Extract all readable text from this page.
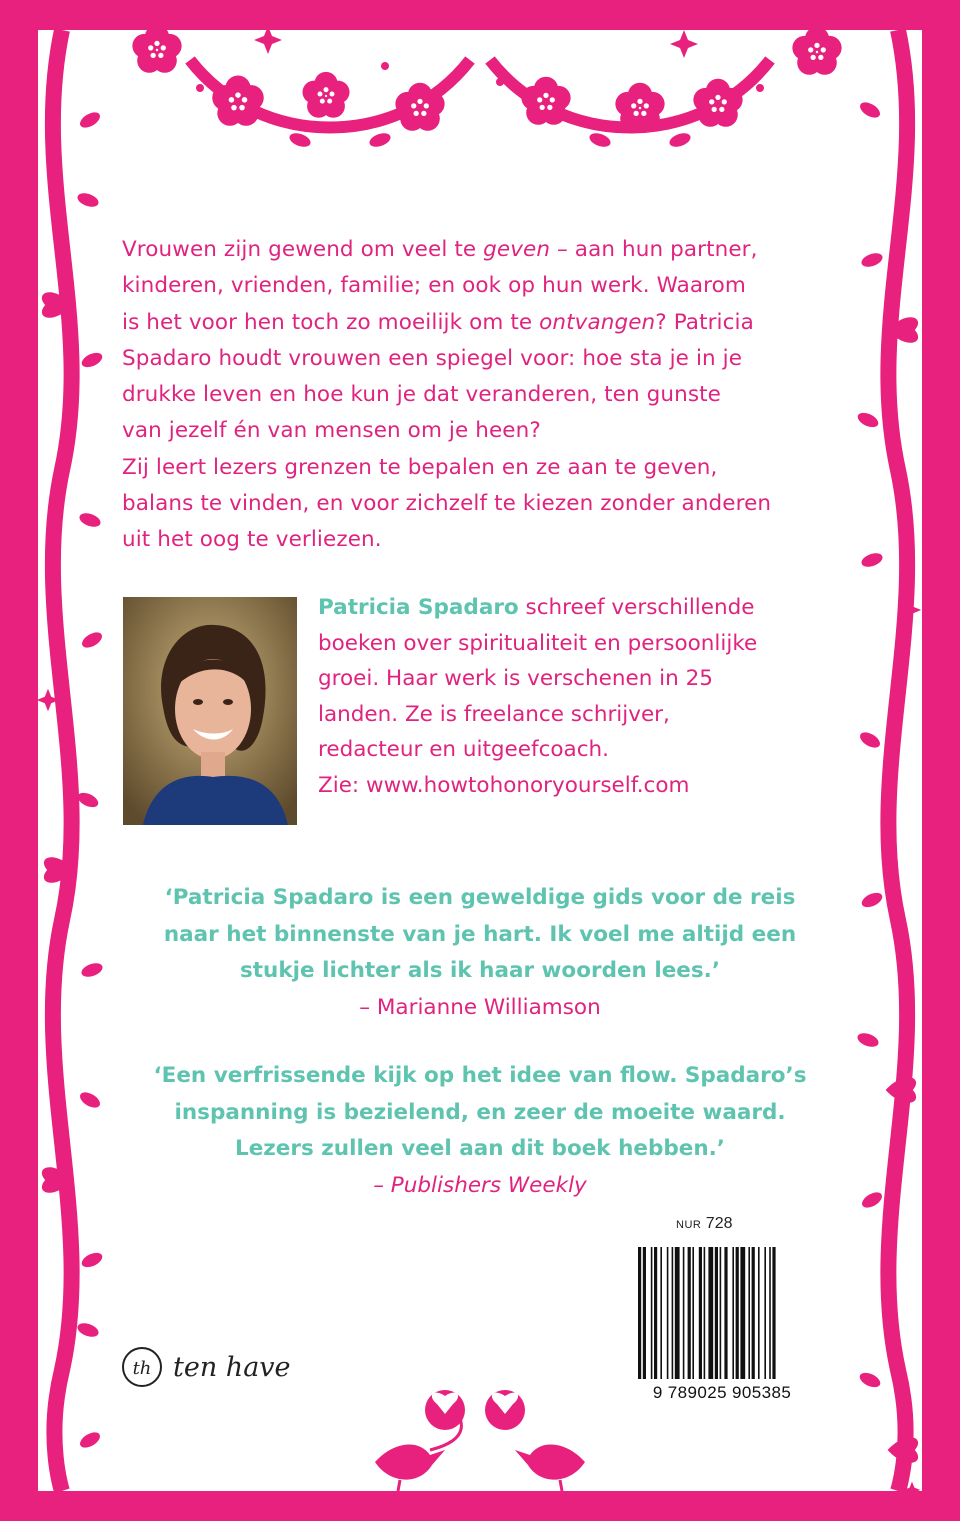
Vrouwen zijn gewend om veel te geven – aan hun partner,

kinderen, vrienden, familie; en ook op hun werk. Waarom

is het voor hen toch zo moeilijk om te ontvangen? Patricia

Spadaro houdt vrouwen een spiegel voor: hoe sta je in je

drukke leven en hoe kun je dat veranderen, ten gunste

van jezelf én van mensen om je heen?

Zij leert lezers grenzen te bepalen en ze aan te geven,

balans te vinden, en voor zichzelf te kiezen zonder anderen

uit het oog te verliezen.

Patricia Spadaro schreef verschillende

boeken over spiritualiteit en persoonlijke

groei. Haar werk is verschenen in 25

landen. Ze is freelance schrijver,

redacteur en uitgeefcoach.

Zie: www.howtohonoryourself.com

‘Patricia Spadaro is een geweldige gids voor de reis
naar het binnenste van je hart. Ik voel me altijd een
stukje lichter als ik haar woorden lees.’
– Marianne Williamson
‘Een verfrissende kijk op het idee van flow. Spadaro’s
inspanning is bezielend, en zeer de moeite waard.
Lezers zullen veel aan dit boek hebben.’
– Publishers Weekly
NUR 728
9 789025 905385
th ten have
